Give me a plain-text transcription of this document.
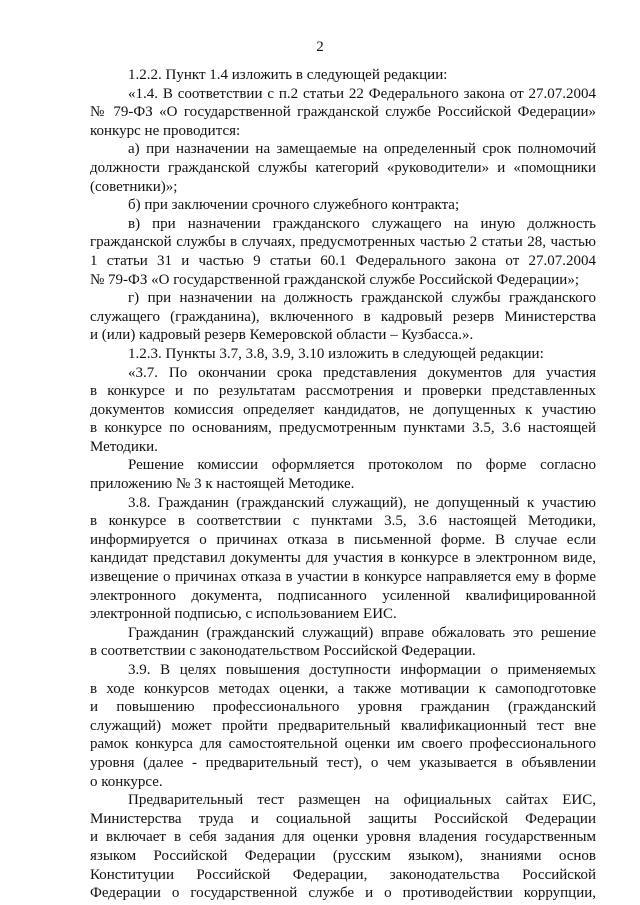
2
1.2.2. Пункт 1.4 изложить в следующей редакции:
«1.4. В соответствии с п.2 статьи 22 Федерального закона от 27.07.2004
№ 79-ФЗ «О государственной гражданской службе Российской Федерации»
конкурс не проводится:
а) при назначении на замещаемые на определенный срок полномочий
должности гражданской службы категорий «руководители» и «помощники
(советники)»;
б) при заключении срочного служебного контракта;
в) при назначении гражданского служащего на иную должность
гражданской службы в случаях, предусмотренных частью 2 статьи 28, частью
1 статьи 31 и частью 9 статьи 60.1 Федерального закона от 27.07.2004
№ 79-ФЗ «О государственной гражданской службе Российской Федерации»;
г) при назначении на должность гражданской службы гражданского
служащего (гражданина), включенного в кадровый резерв Министерства
и (или) кадровый резерв Кемеровской области – Кузбасса.».
1.2.3. Пункты 3.7, 3.8, 3.9, 3.10 изложить в следующей редакции:
«3.7. По окончании срока представления документов для участия
в конкурсе и по результатам рассмотрения и проверки представленных
документов комиссия определяет кандидатов, не допущенных к участию
в конкурсе по основаниям, предусмотренным пунктами 3.5, 3.6 настоящей
Методики.
Решение комиссии оформляется протоколом по форме согласно
приложению № 3 к настоящей Методике.
3.8. Гражданин (гражданский служащий), не допущенный к участию
в конкурсе в соответствии с пунктами 3.5, 3.6 настоящей Методики,
информируется о причинах отказа в письменной форме. В случае если
кандидат представил документы для участия в конкурсе в электронном виде,
извещение о причинах отказа в участии в конкурсе направляется ему в форме
электронного документа, подписанного усиленной квалифицированной
электронной подписью, с использованием ЕИС.
Гражданин (гражданский служащий) вправе обжаловать это решение
в соответствии с законодательством Российской Федерации.
3.9. В целях повышения доступности информации о применяемых
в ходе конкурсов методах оценки, а также мотивации к самоподготовке
и повышению профессионального уровня гражданин (гражданский
служащий) может пройти предварительный квалификационный тест вне
рамок конкурса для самостоятельной оценки им своего профессионального
уровня (далее - предварительный тест), о чем указывается в объявлении
о конкурсе.
Предварительный тест размещен на официальных сайтах ЕИС,
Министерства труда и социальной защиты Российской Федерации
и включает в себя задания для оценки уровня владения государственным
языком Российской Федерации (русским языком), знаниями основ
Конституции Российской Федерации, законодательства Российской
Федерации о государственной службе и о противодействии коррупции,
